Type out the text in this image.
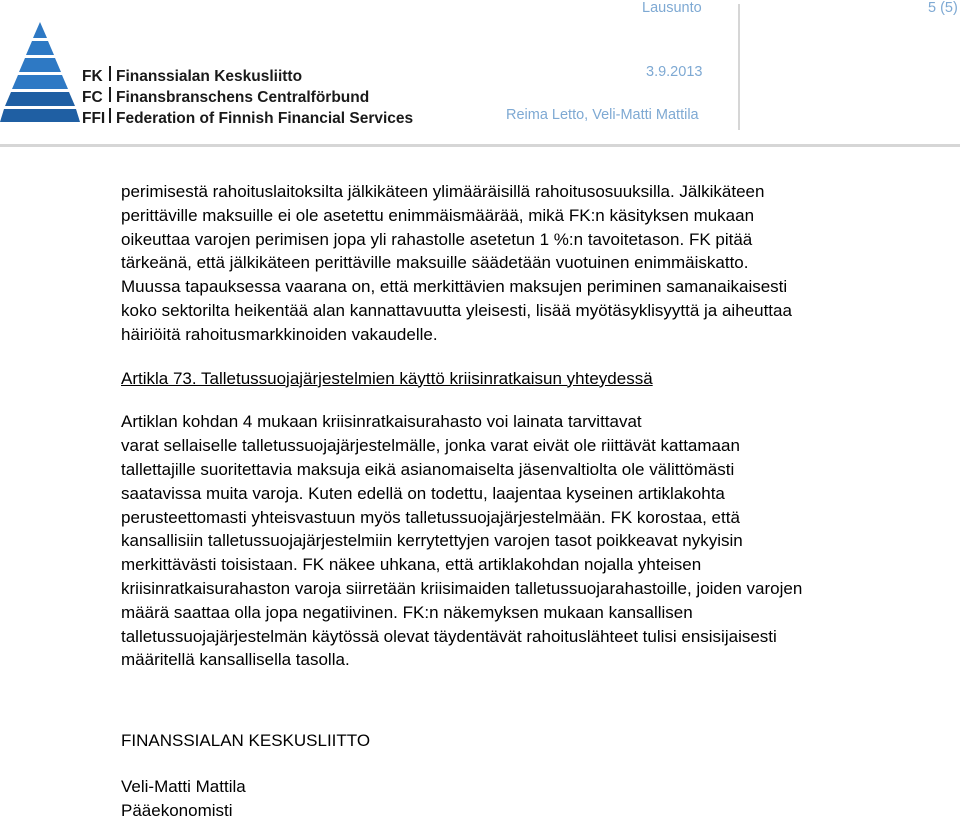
FK Finanssialan Keskusliitto
FC Finansbranschens Centralförbund
FFI Federation of Finnish Financial Services
Lausunto	5 (5)
3.9.2013
Reima Letto, Veli-Matti Mattila

perimisestä rahoituslaitoksilta jälkikäteen ylimääräisillä rahoitusosuuksilla. Jälkikäteen

perittäville maksuille ei ole asetettu enimmäismäärää, mikä FK:n käsityksen mukaan

oikeuttaa varojen perimisen jopa yli rahastolle asetetun 1 %:n tavoitetason. FK pitää

tärkeänä, että jälkikäteen perittäville maksuille säädetään vuotuinen enimmäiskatto.

Muussa tapauksessa vaarana on, että merkittävien maksujen periminen samanaikaisesti

koko sektorilta heikentää alan kannattavuutta yleisesti, lisää myötäsyklisyyttä ja aiheuttaa

häiriöitä rahoitusmarkkinoiden vakaudelle.

Artikla 73. Talletussuojajärjestelmien käyttö kriisinratkaisun yhteydessä

Artiklan kohdan 4 mukaan kriisinratkaisurahasto voi lainata tarvittavat

varat sellaiselle talletussuojajärjestelmälle, jonka varat eivät ole riittävät kattamaan

tallettajille suoritettavia maksuja eikä asianomaiselta jäsenvaltiolta ole välittömästi

saatavissa muita varoja. Kuten edellä on todettu, laajentaa kyseinen artiklakohta

perusteettomasti yhteisvastuun myös talletussuojajärjestelmään. FK korostaa, että

kansallisiin talletussuojajärjestelmiin kerrytettyjen varojen tasot poikkeavat nykyisin

merkittävästi toisistaan. FK näkee uhkana, että artiklakohdan nojalla yhteisen

kriisinratkaisurahaston varoja siirretään kriisimaiden talletussuojarahastoille, joiden varojen

määrä saattaa olla jopa negatiivinen. FK:n näkemyksen mukaan kansallisen

talletussuojajärjestelmän käytössä olevat täydentävät rahoituslähteet tulisi ensisijaisesti

määritellä kansallisella tasolla.

FINANSSIALAN KESKUSLIITTO

Veli-Matti Mattila

Pääekonomisti
